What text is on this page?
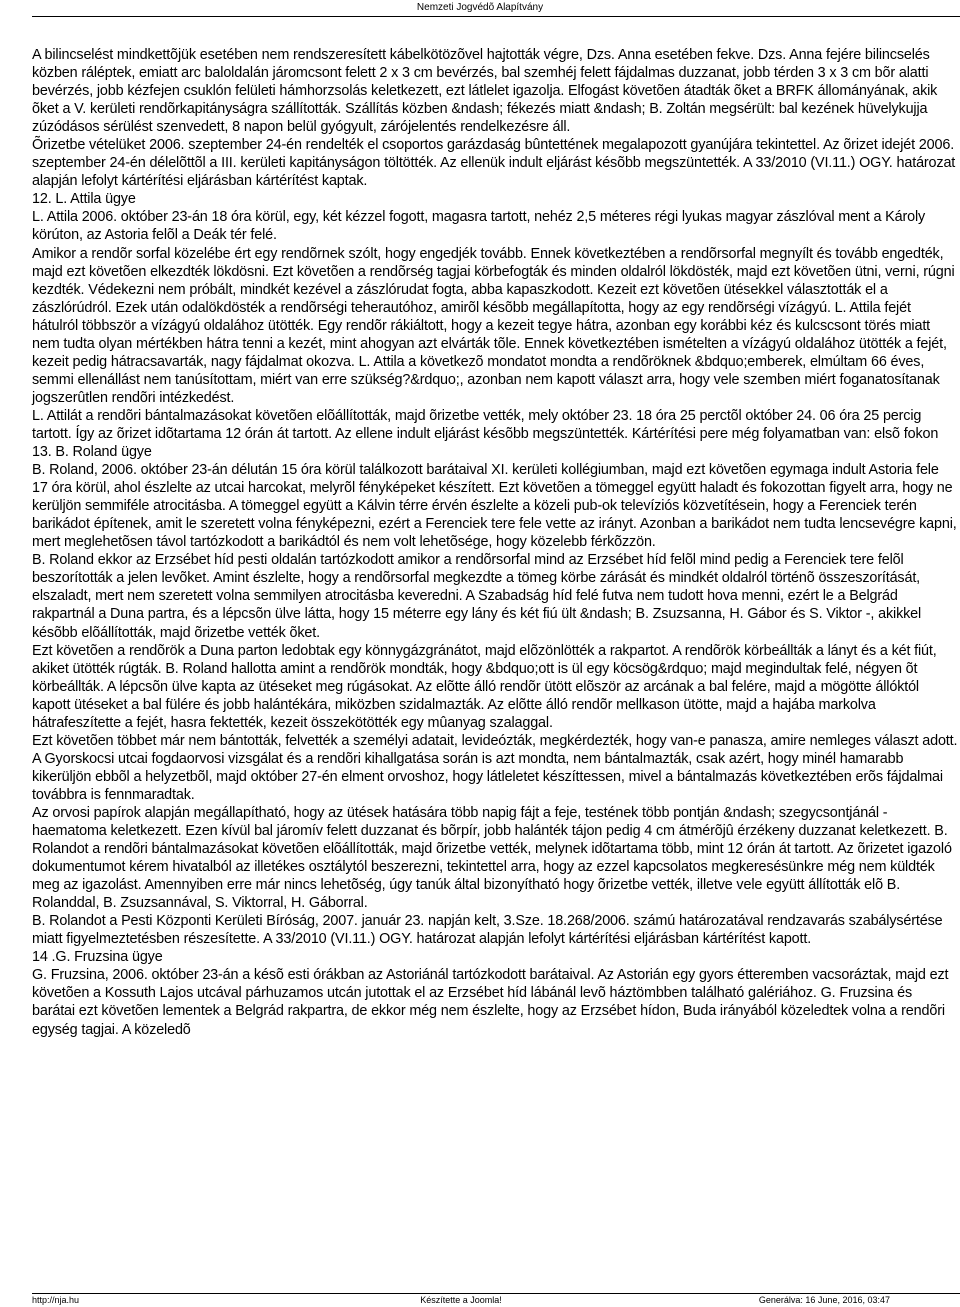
Nemzeti Jogvédõ Alapítvány

A bilincselést mindkettõjük esetében nem rendszeresített kábelkötözõvel hajtották végre, Dzs. Anna esetében fekve. Dzs. Anna fejére bilincselés közben ráléptek, emiatt arc baloldalán járomcsont felett 2 x 3 cm bevérzés, bal szemhéj felett fájdalmas duzzanat, jobb térden 3 x 3 cm bõr alatti bevérzés, jobb kézfejen csuklón felületi hámhorzsolás keletkezett, ezt látlelet igazolja. Elfogást követõen átadták õket a BRFK állományának, akik õket a V. kerületi rendõrkapitányságra szállították. Szállítás közben &ndash; fékezés miatt &ndash; B. Zoltán megsérült: bal kezének hüvelykujja zúzódásos sérülést szenvedett, 8 napon belül gyógyult, zárójelentés rendelkezésre áll.

Õrizetbe vételüket 2006. szeptember 24-én rendelték el csoportos garázdaság bûntettének megalapozott gyanújára tekintettel. Az õrizet idejét 2006. szeptember 24-én délelõttõl a III. kerületi kapitányságon töltötték. Az ellenük indult eljárást késõbb megszüntették. A 33/2010 (VI.11.) OGY. határozat alapján lefolyt kártérítési eljárásban kártérítést kaptak.

12. L. Attila ügye

L. Attila 2006. október 23-án 18 óra körül, egy, két kézzel fogott, magasra tartott, nehéz 2,5 méteres régi lyukas magyar zászlóval ment a Károly körúton, az Astoria felõl a Deák tér felé.

Amikor a rendõr sorfal közelébe ért egy rendõrnek szólt, hogy engedjék tovább. Ennek következtében a rendõrsorfal megnyílt és tovább engedték, majd ezt követõen elkezdték lökdösni. Ezt követõen a rendõrség tagjai körbefogták és minden oldalról lökdösték, majd ezt követõen ütni, verni, rúgni kezdték. Védekezni nem próbált, mindkét kezével a zászlórudat fogta, abba kapaszkodott. Kezeit ezt követõen ütésekkel választották el a zászlórúdról. Ezek után odalökdösték a rendõrségi teherautóhoz, amirõl késõbb megállapította, hogy az egy rendõrségi vízágyú. L. Attila fejét hátulról többször a vízágyú oldalához ütötték. Egy rendõr rákiáltott, hogy a kezeit tegye hátra, azonban egy korábbi kéz és kulcscsont törés miatt nem tudta olyan mértékben hátra tenni a kezét, mint ahogyan azt elvárták tõle. Ennek következtében ismételten a vízágyú oldalához ütötték a fejét, kezeit pedig hátracsavarták, nagy fájdalmat okozva. L. Attila a következõ mondatot mondta a rendõröknek &bdquo;emberek, elmúltam 66 éves, semmi ellenállást nem tanúsítottam, miért van erre szükség?&rdquo;, azonban nem kapott választ arra, hogy vele szemben miért foganatosítanak jogszerûtlen rendõri intézkedést.

L. Attilát a rendõri bántalmazásokat követõen elõállították, majd õrizetbe vették, mely október 23. 18 óra 25 perctõl október 24. 06 óra 25 percig tartott. Így az õrizet idõtartama 12 órán át tartott. Az ellene indult eljárást késõbb megszüntették. Kártérítési pere még folyamatban van: elsõ fokon

13. B. Roland ügye

B. Roland, 2006. október 23-án délután 15 óra körül találkozott barátaival XI. kerületi kollégiumban, majd ezt követõen egymaga indult Astoria fele 17 óra körül, ahol észlelte az utcai harcokat, melyrõl fényképeket készített. Ezt követõen a tömeggel együtt haladt és fokozottan figyelt arra, hogy ne kerüljön semmiféle atrocitásba. A tömeggel együtt a Kálvin térre érvén észlelte a közeli pub-ok televíziós közvetítésein, hogy a Ferenciek terén barikádot építenek, amit le szeretett volna fényképezni, ezért a Ferenciek tere fele vette az irányt. Azonban a barikádot nem tudta lencsevégre kapni, mert meglehetõsen távol tartózkodott a barikádtól és nem volt lehetõsége, hogy közelebb férkõzzön.

B. Roland ekkor az Erzsébet híd pesti oldalán tartózkodott amikor a rendõrsorfal mind az Erzsébet híd felõl mind pedig a Ferenciek tere felõl beszorították a jelen levõket. Amint észlelte, hogy a rendõrsorfal megkezdte a tömeg körbe zárását és mindkét oldalról történõ összeszorítását, elszaladt, mert nem szeretett volna semmilyen atrocitásba keveredni. A Szabadság híd felé futva nem tudott hova menni, ezért le a Belgrád rakpartnál a Duna partra, és a lépcsõn ülve látta, hogy 15 méterre egy lány és két fiú ült &ndash; B. Zsuzsanna, H. Gábor és S. Viktor -, akikkel késõbb elõállították, majd õrizetbe vették õket.

Ezt követõen a rendõrök a Duna parton ledobtak egy könnygázgránátot, majd elõzönlötték a rakpartot. A rendõrök körbeállták a lányt és a két fiút, akiket ütötték rúgták. B. Roland hallotta amint a rendõrök mondták, hogy &bdquo;ott is ül egy köcsög&rdquo; majd megindultak felé, négyen õt körbeállták. A lépcsõn ülve kapta az ütéseket meg rúgásokat. Az elõtte álló rendõr ütött elõször az arcának a bal felére, majd a mögötte állóktól kapott ütéseket a bal fülére és jobb halántékára, miközben szidalmazták. Az elõtte álló rendõr mellkason ütötte, majd a hajába markolva hátrafeszítette a fejét, hasra fektették, kezeit összekötötték egy mûanyag szalaggal.

Ezt követõen többet már nem bántották, felvették a személyi adatait, levideózták, megkérdezték, hogy van-e panasza, amire nemleges választ adott. A Gyorskocsi utcai fogdaorvosi vizsgálat és a rendõri kihallgatása során is azt mondta, nem bántalmazták, csak azért, hogy minél hamarabb kikerüljön ebbõl a helyzetbõl, majd október 27-én elment orvoshoz, hogy látleletet készíttessen, mivel a bántalmazás következtében erõs fájdalmai továbbra is fennmaradtak.

Az orvosi papírok alapján megállapítható, hogy az ütések hatására több napig fájt a feje, testének több pontján &ndash; szegycsontjánál - haematoma keletkezett. Ezen kívül bal járomív felett duzzanat és bõrpír, jobb halánték tájon pedig 4 cm átmérõjû érzékeny duzzanat keletkezett. B. Rolandot a rendõri bántalmazásokat követõen elõállították, majd õrizetbe vették, melynek idõtartama több, mint 12 órán át tartott. Az õrizetet igazoló dokumentumot kérem hivatalból az illetékes osztálytól beszerezni, tekintettel arra, hogy az ezzel kapcsolatos megkeresésünkre még nem küldték meg az igazolást. Amennyiben erre már nincs lehetõség, úgy tanúk által bizonyítható hogy õrizetbe vették, illetve vele együtt állították elõ B. Rolanddal, B. Zsuzsannával, S. Viktorral, H. Gáborral.

B. Rolandot a Pesti Központi Kerületi Bíróság, 2007. január 23. napján kelt, 3.Sze. 18.268/2006. számú határozatával rendzavarás szabálysértése miatt figyelmeztetésben részesítette. A 33/2010 (VI.11.) OGY. határozat alapján lefolyt kártérítési eljárásban kártérítést kapott.

14 .G. Fruzsina ügye

G. Fruzsina, 2006. október 23-án a késõ esti órákban az Astoriánál tartózkodott barátaival. Az Astorián egy gyors étteremben vacsoráztak, majd ezt követõen a Kossuth Lajos utcával párhuzamos utcán jutottak el az Erzsébet híd lábánál levõ háztömbben található galériához. G. Fruzsina és barátai ezt követõen lementek a Belgrád rakpartra, de ekkor még nem észlelte, hogy az Erzsébet hídon, Buda irányából közeledtek volna a rendõri egység tagjai. A közeledõ

http://nja.hu	Készítette a Joomla!	Generálva: 16 June, 2016, 03:47
